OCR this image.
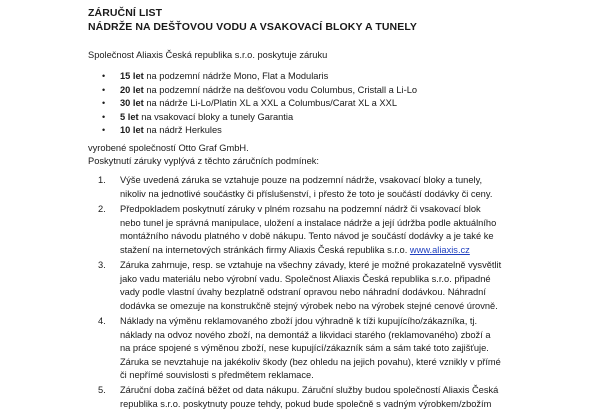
ZÁRUČNÍ LIST
NÁDRŽE NA DEŠŤOVOU VODU A VSAKOVACÍ BLOKY A TUNELY
Společnost Aliaxis Česká republika s.r.o. poskytuje záruku
• 15 let na podzemní nádrže Mono, Flat a Modularis
• 20 let na podzemní nádrže na dešťovou vodu Columbus, Cristall a Li-Lo
• 30 let na nádrže Li-Lo/Platin XL a XXL a Columbus/Carat XL a XXL
• 5 let na vsakovací bloky a tunely Garantia
• 10 let na nádrž Herkules
vyrobené společností Otto Graf GmbH.
Poskytnutí záruky vyplývá z těchto záručních podmínek:
1. Výše uvedená záruka se vztahuje pouze na podzemní nádrže, vsakovací bloky a tunely,
nikoliv na jednotlivé součástky či příslušenství, i přesto že toto je součástí dodávky či ceny.
2. Předpokladem poskytnutí záruky v plném rozsahu na podzemní nádrž či vsakovací blok
nebo tunel je správná manipulace, uložení a instalace nádrže a její údržba podle aktuálního
montážního návodu platného v době nákupu. Tento návod je součástí dodávky a je také ke
stažení na internetových stránkách firmy Aliaxis Česká republika s.r.o. www.aliaxis.cz
3. Záruka zahrnuje, resp. se vztahuje na všechny závady, které je možné prokazatelně vysvětlit
jako vadu materiálu nebo výrobní vadu. Společnost Aliaxis Česká republika s.r.o. připadné
vady podle vlastní úvahy bezplatně odstraní opravou nebo náhradní dodávkou. Náhradní
dodávka se omezuje na konstrukčně stejný výrobek nebo na výrobek stejné cenové úrovně.
4. Náklady na výměnu reklamovaného zboží jdou výhradně k tíži kupujícího/zákazníka, tj.
náklady na odvoz nového zboží, na demontáž a likvidaci starého (reklamovaného) zboží a
na práce spojené s výměnou zboží, nese kupující/zákazník sám a sám také toto zajišťuje.
Záruka se nevztahuje na jakékoliv škody (bez ohledu na jejich povahu), které vznikly v přímé
či nepřímé souvislosti s předmětem reklamace.
5. Záruční doba začíná běžet od data nákupu. Záruční služby budou společností Aliaxis Česká
republika s.r.o. poskytnuty pouze tehdy, pokud bude společně s vadným výrobkem/zbožím
